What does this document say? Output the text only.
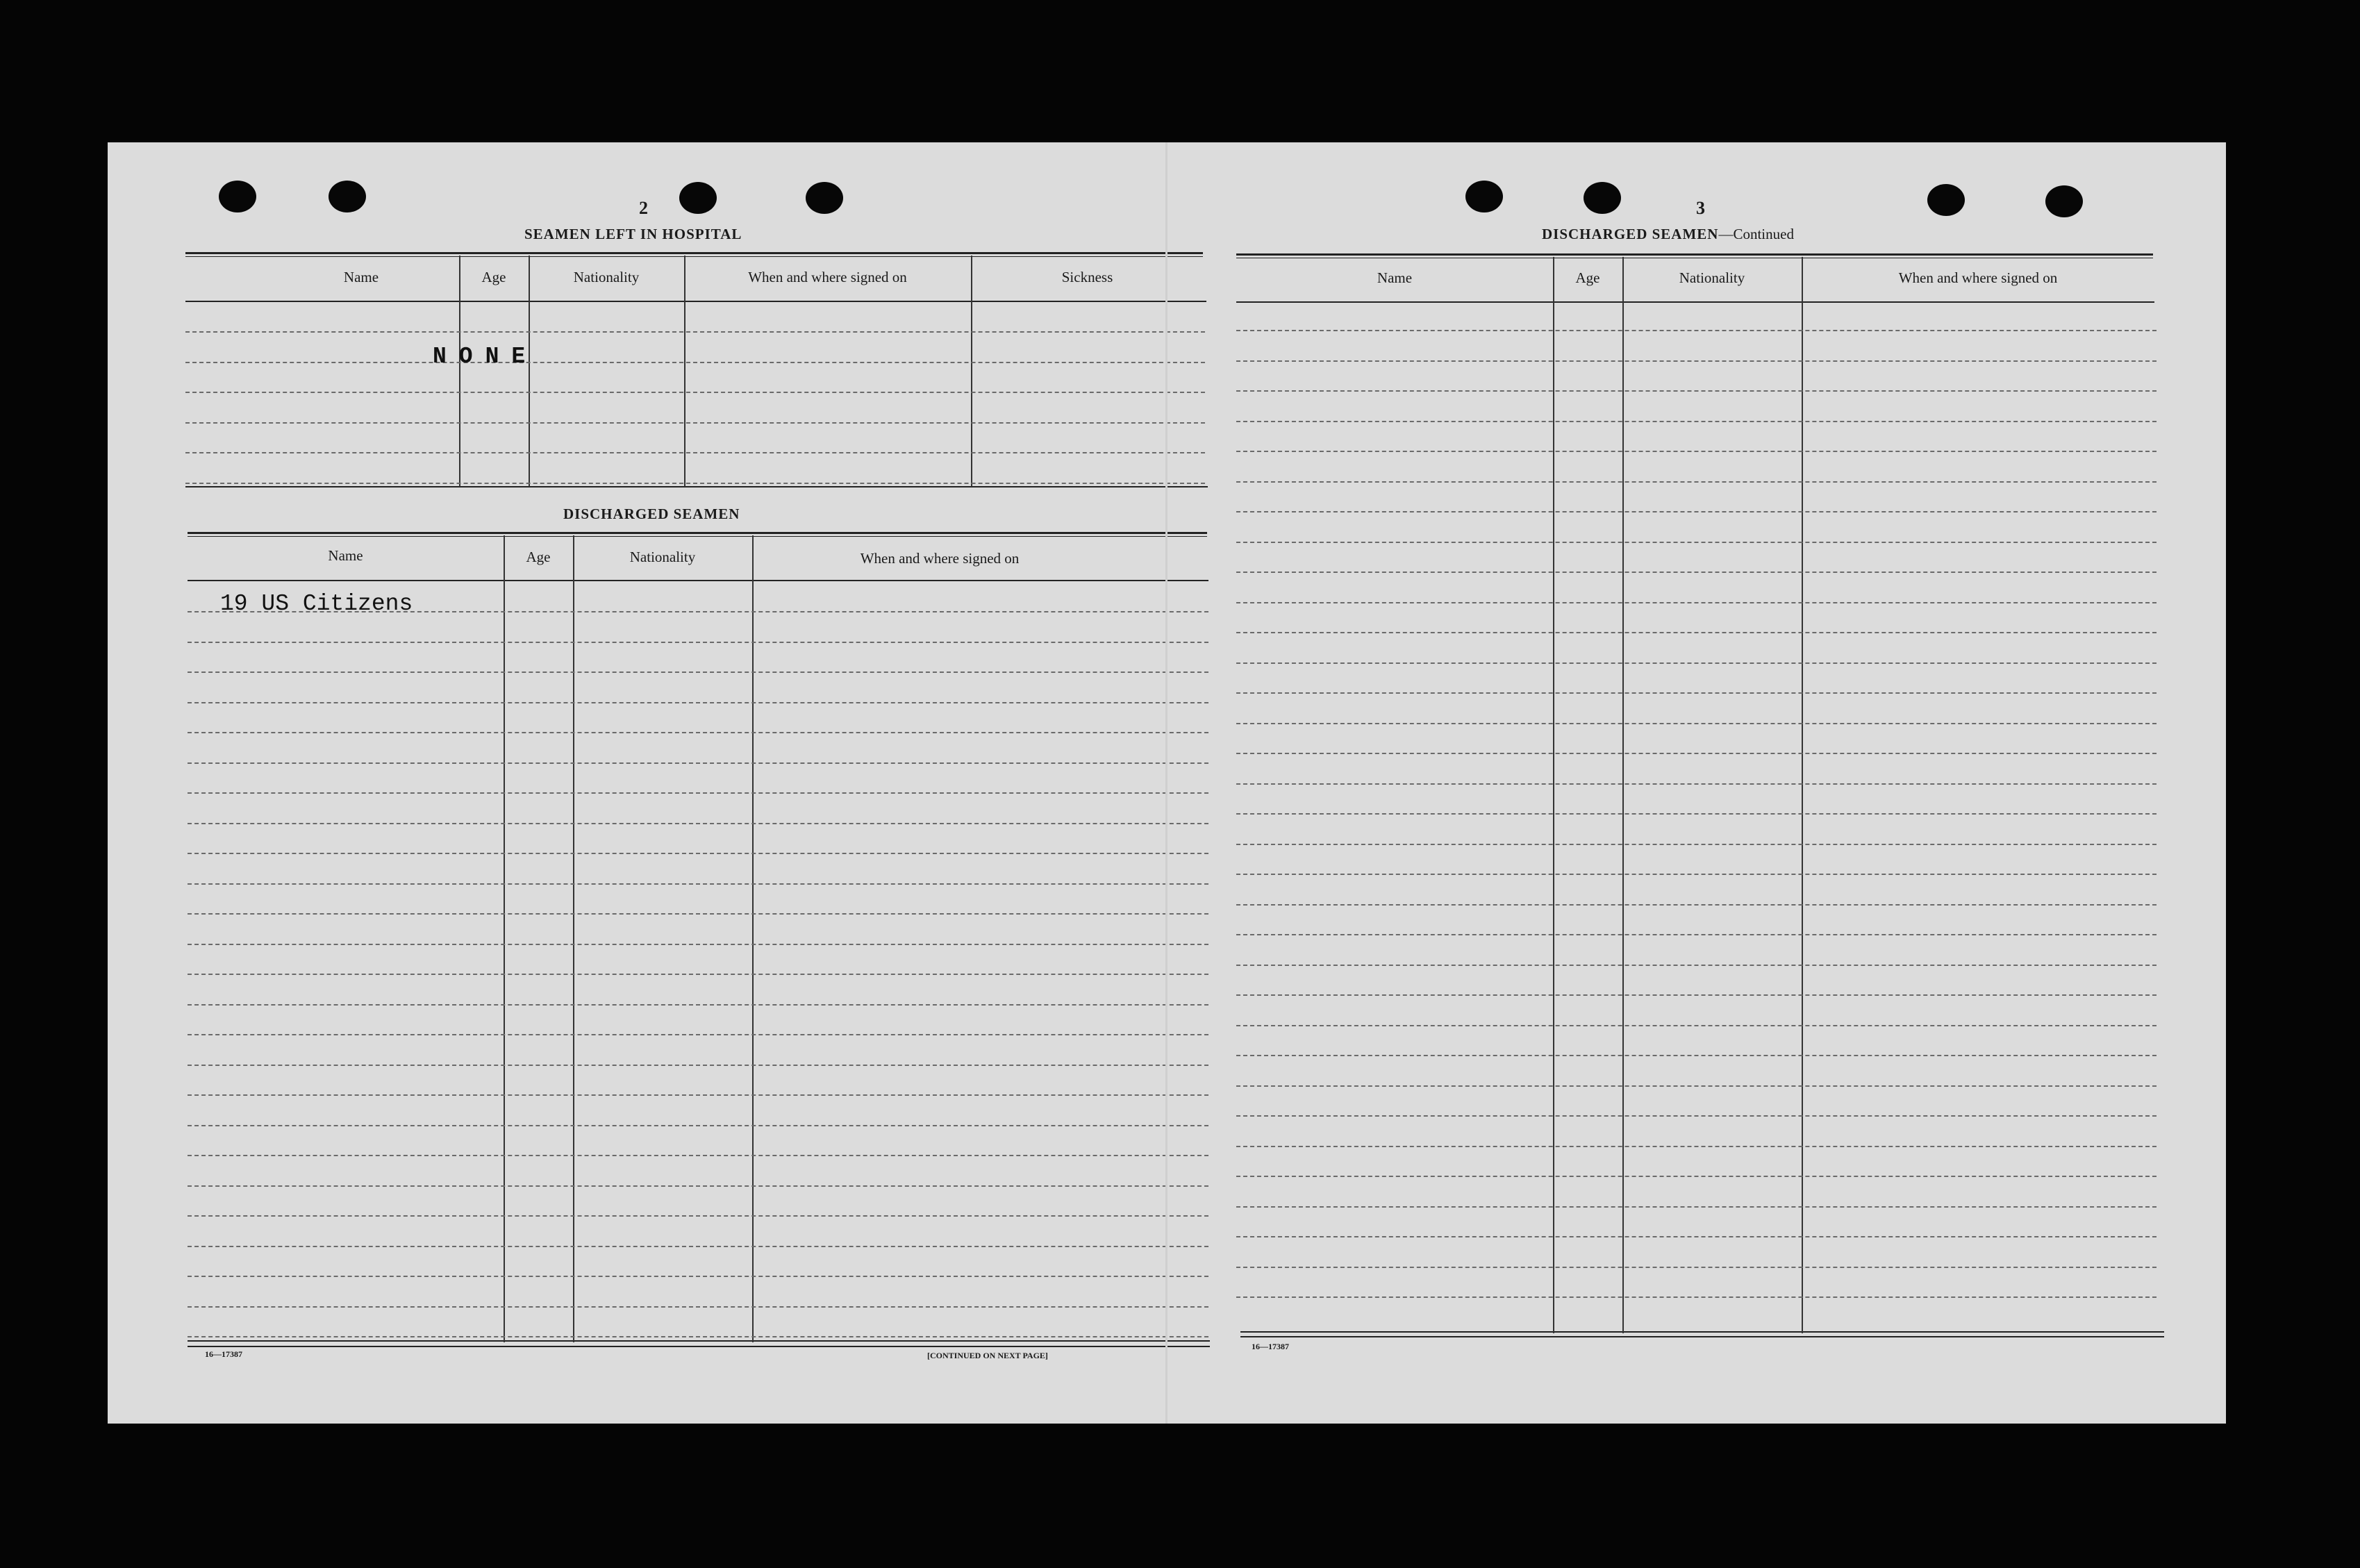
2
SEAMEN LEFT IN HOSPITAL
Name	Age	Nationality	When and where signed on	Sickness
NONE
DISCHARGED SEAMEN
Name	Age	Nationality	When and where signed on
19 US Citizens
16—17387	[CONTINUED ON NEXT PAGE]
3
DISCHARGED SEAMEN—Continued
Name	Age	Nationality	When and where signed on
16—17387
